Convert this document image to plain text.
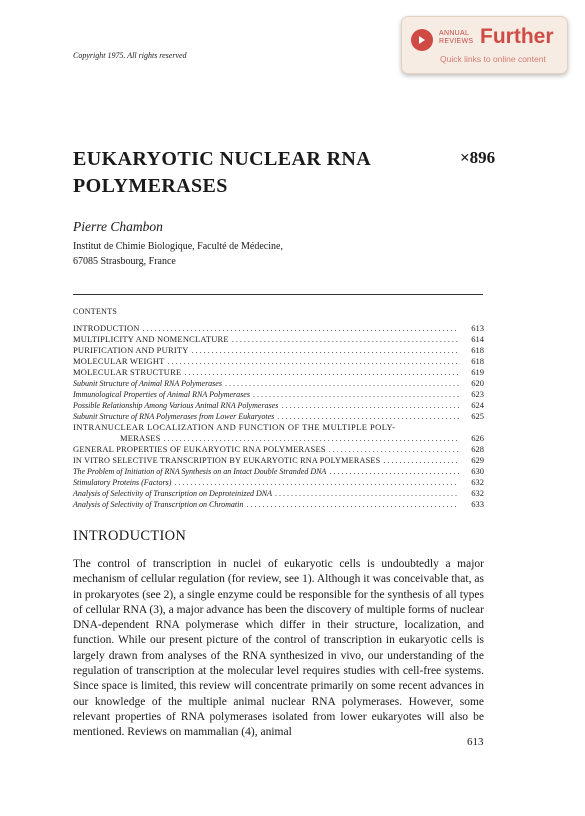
ANNUAL
REVIEWS Further
Quick links to online content
Copyright 1975. All rights reserved
EUKARYOTIC NUCLEAR RNA
POLYMERASES
×896
Pierre Chambon
Institut de Chimie Biologique, Faculté de Médecine,
67085 Strasbourg, France
CONTENTS
INTRODUCTION .....	613
MULTIPLICITY AND NOMENCLATURE .....	614
PURIFICATION AND PURITY .....	618
MOLECULAR WEIGHT .....	618
MOLECULAR STRUCTURE .....	619
Subunit Structure of Animal RNA Polymerases .....	620
Immunological Properties of Animal RNA Polymerases .....	623
Possible Relationship Among Various Animal RNA Polymerases .....	624
Subunit Structure of RNA Polymerases from Lower Eukaryotes .....	625
INTRANUCLEAR LOCALIZATION AND FUNCTION OF THE MULTIPLE POLY-
MERASES .....	626
GENERAL PROPERTIES OF EUKARYOTIC RNA POLYMERASES .....	628
IN VITRO SELECTIVE TRANSCRIPTION BY EUKARYOTIC RNA POLYMERASES .....	629
The Problem of Initiation of RNA Synthesis on an Intact Double Stranded DNA .....	630
Stimulatory Proteins (Factors) .....	632
Analysis of Selectivity of Transcription on Deproteinized DNA .....	632
Analysis of Selectivity of Transcription on Chromatin .....	633
INTRODUCTION
The control of transcription in nuclei of eukaryotic cells is undoubtedly a major mechanism of cellular regulation (for review, see 1). Although it was conceivable that, as in prokaryotes (see 2), a single enzyme could be responsible for the synthesis of all types of cellular RNA (3), a major advance has been the discovery of multiple forms of nuclear DNA-dependent RNA polymerase which differ in their structure, localization, and function. While our present picture of the control of transcription in eukaryotic cells is largely drawn from analyses of the RNA synthesized in vivo, our understanding of the regulation of transcription at the molecular level requires studies with cell-free systems. Since space is limited, this review will concentrate primarily on some recent advances in our knowledge of the multiple animal nuclear RNA polymerases. However, some relevant properties of RNA polymerases isolated from lower eukaryotes will also be mentioned. Reviews on mammalian (4), animal
613
